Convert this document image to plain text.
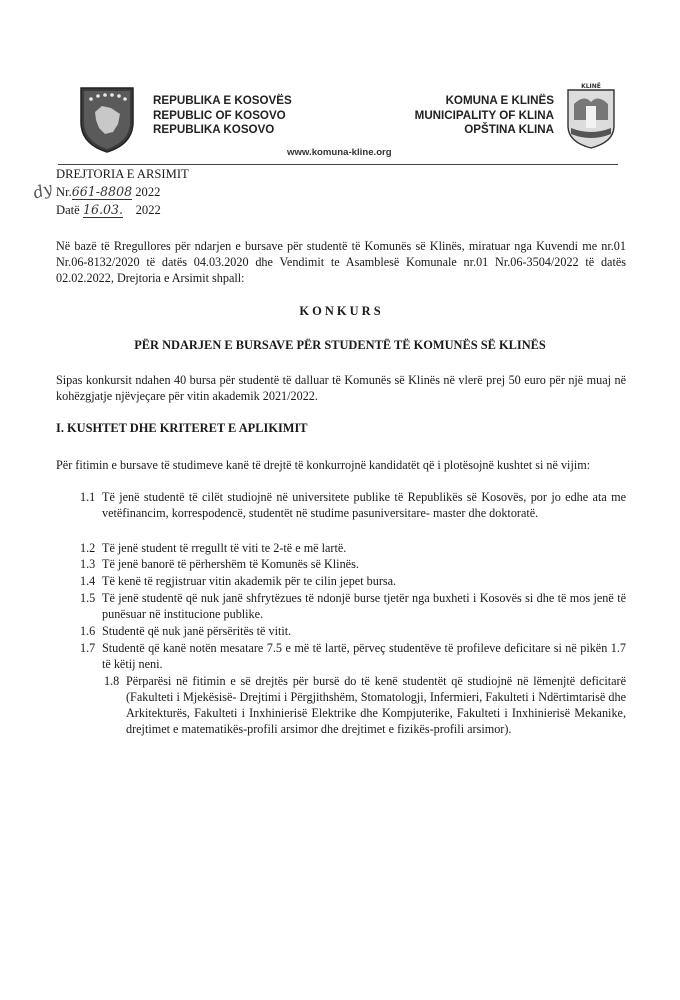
REPUBLIKA E KOSOVËS
REPUBLIC OF KOSOVO
REPUBLIKA KOSOVO
KOMUNA E KLINËS
MUNICIPALITY OF KLINA
OPŠTINA KLINA
KLINË
www.komuna-kline.org
dy
DREJTORIA E ARSIMIT
Nr.661-8808 2022
Datë 16.03. 2022
Në bazë të Rregullores për ndarjen e bursave për studentë të Komunës së Klinës, miratuar nga Kuvendi me nr.01 Nr.06-8132/2020 të datës 04.03.2020 dhe Vendimit te Asamblesë Komunale nr.01 Nr.06-3504/2022 të datës 02.02.2022, Drejtoria e Arsimit shpall:
K O N K U R S
PËR NDARJEN E BURSAVE PËR STUDENTË TË KOMUNËS SË KLINËS
Sipas konkursit ndahen 40 bursa për studentë të dalluar të Komunës së Klinës në vlerë prej 50 euro për një muaj në kohëzgjatje njëvjeçare për vitin akademik 2021/2022.
I. KUSHTET DHE KRITERET E APLIKIMIT
Për fitimin e bursave të studimeve kanë të drejtë të konkurrojnë kandidatët që i plotësojnë kushtet si në vijim:
1.1 Të jenë studentë të cilët studiojnë në universitete publike të Republikës së Kosovës, por jo edhe ata me vetëfinancim, korrespodencë, studentët në studime pasuniversitare- master dhe doktoratë.
1.2 Të jenë student të rregullt të viti te 2-të e më lartë.
1.3 Të jenë banorë të përhershëm të Komunës së Klinës.
1.4 Të kenë të regjistruar vitin akademik për te cilin jepet bursa.
1.5 Të jenë studentë që nuk janë shfrytëzues të ndonjë burse tjetër nga buxheti i Kosovës si dhe të mos jenë të punësuar në institucione publike.
1.6 Studentë që nuk janë përsëritës të vitit.
1.7 Studentë që kanë notën mesatare 7.5 e më të lartë, përveç studentëve të profileve deficitare si në pikën 1.7 të këtij neni.
1.8 Përparësi në fitimin e së drejtës për bursë do të kenë studentët që studiojnë në lëmenjtë deficitarë (Fakulteti i Mjekësisë- Drejtimi i Përgjithshëm, Stomatologji, Infermieri, Fakulteti i Ndërtimtarisë dhe Arkitekturës, Fakulteti i Inxhinierisë Elektrike dhe Kompjuterike, Fakulteti i Inxhinierisë Mekanike, drejtimet e matematikës-profili arsimor dhe drejtimet e fizikës-profili arsimor).
